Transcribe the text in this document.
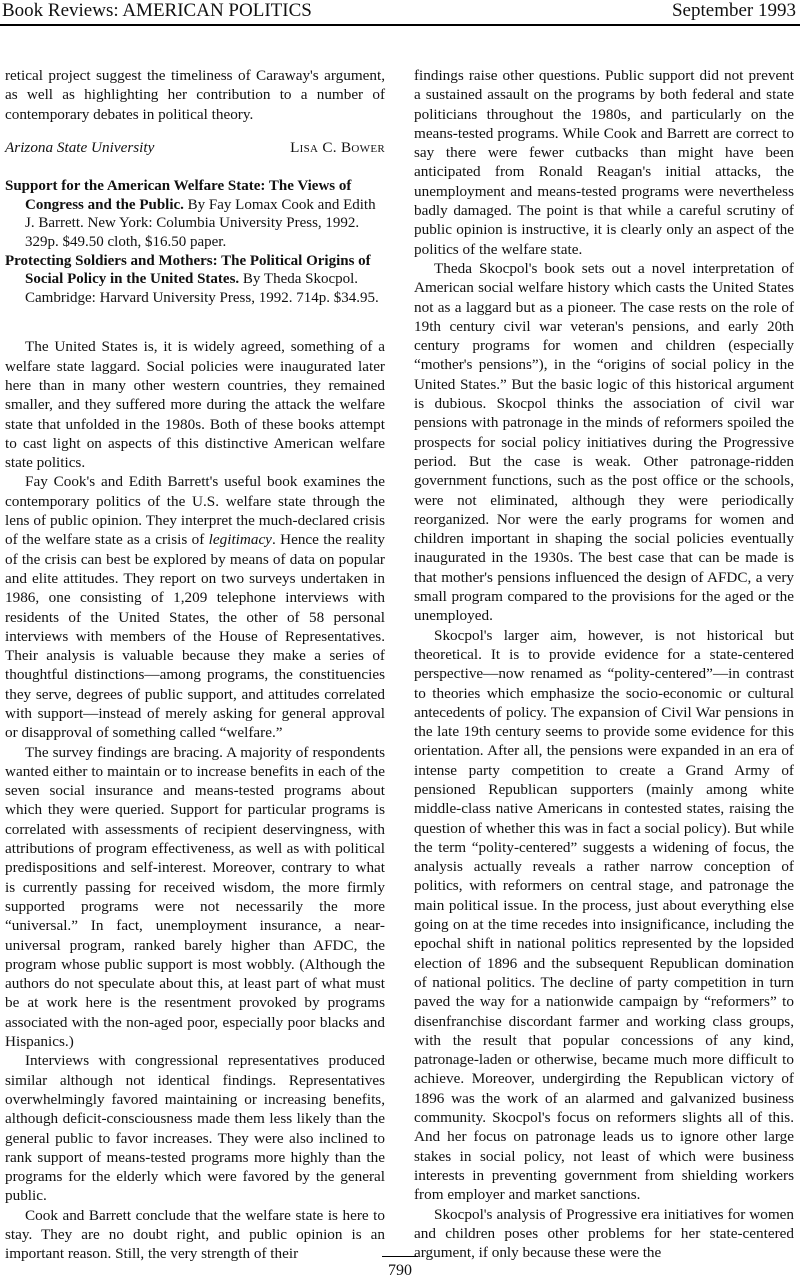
Book Reviews: AMERICAN POLITICS	September 1993

retical project suggest the timeliness of Caraway's argument, as well as highlighting her contribution to a number of contemporary debates in political theory.

Arizona State University	Lisa C. Bower

Support for the American Welfare State: The Views of Congress and the Public. By Fay Lomax Cook and Edith J. Barrett. New York: Columbia University Press, 1992. 329p. $49.50 cloth, $16.50 paper.

Protecting Soldiers and Mothers: The Political Origins of Social Policy in the United States. By Theda Skocpol. Cambridge: Harvard University Press, 1992. 714p. $34.95.

The United States is, it is widely agreed, something of a welfare state laggard. Social policies were inaugurated later here than in many other western countries, they remained smaller, and they suffered more during the attack the welfare state that unfolded in the 1980s. Both of these books attempt to cast light on aspects of this distinctive American welfare state politics.

Fay Cook's and Edith Barrett's useful book examines the contemporary politics of the U.S. welfare state through the lens of public opinion. They interpret the much-declared crisis of the welfare state as a crisis of legitimacy. Hence the reality of the crisis can best be explored by means of data on popular and elite attitudes. They report on two surveys undertaken in 1986, one consisting of 1,209 telephone interviews with residents of the United States, the other of 58 personal interviews with members of the House of Representatives. Their analysis is valuable because they make a series of thoughtful distinctions—among programs, the constituencies they serve, degrees of public support, and attitudes correlated with support—instead of merely asking for general approval or disapproval of something called “welfare.”

The survey findings are bracing. A majority of respondents wanted either to maintain or to increase benefits in each of the seven social insurance and means-tested programs about which they were queried. Support for particular programs is correlated with assessments of recipient deservingness, with attributions of program effectiveness, as well as with political predispositions and self-interest. Moreover, contrary to what is currently passing for received wisdom, the more firmly supported programs were not necessarily the more “universal.” In fact, unemployment insurance, a near-universal program, ranked barely higher than AFDC, the program whose public support is most wobbly. (Although the authors do not speculate about this, at least part of what must be at work here is the resentment provoked by programs associated with the non-aged poor, especially poor blacks and Hispanics.)

Interviews with congressional representatives produced similar although not identical findings. Representatives overwhelmingly favored maintaining or increasing benefits, although deficit-consciousness made them less likely than the general public to favor increases. They were also inclined to rank support of means-tested programs more highly than the programs for the elderly which were favored by the general public.

Cook and Barrett conclude that the welfare state is here to stay. They are no doubt right, and public opinion is an important reason. Still, the very strength of their

findings raise other questions. Public support did not prevent a sustained assault on the programs by both federal and state politicians throughout the 1980s, and particularly on the means-tested programs. While Cook and Barrett are correct to say there were fewer cutbacks than might have been anticipated from Ronald Reagan's initial attacks, the unemployment and means-tested programs were nevertheless badly damaged. The point is that while a careful scrutiny of public opinion is instructive, it is clearly only an aspect of the politics of the welfare state.

Theda Skocpol's book sets out a novel interpretation of American social welfare history which casts the United States not as a laggard but as a pioneer. The case rests on the role of 19th century civil war veteran's pensions, and early 20th century programs for women and children (especially “mother's pensions”), in the “origins of social policy in the United States.” But the basic logic of this historical argument is dubious. Skocpol thinks the association of civil war pensions with patronage in the minds of reformers spoiled the prospects for social policy initiatives during the Progressive period. But the case is weak. Other patronage-ridden government functions, such as the post office or the schools, were not eliminated, although they were periodically reorganized. Nor were the early programs for women and children important in shaping the social policies eventually inaugurated in the 1930s. The best case that can be made is that mother's pensions influenced the design of AFDC, a very small program compared to the provisions for the aged or the unemployed.

Skocpol's larger aim, however, is not historical but theoretical. It is to provide evidence for a state-centered perspective—now renamed as “polity-centered”—in contrast to theories which emphasize the socio-economic or cultural antecedents of policy. The expansion of Civil War pensions in the late 19th century seems to provide some evidence for this orientation. After all, the pensions were expanded in an era of intense party competition to create a Grand Army of pensioned Republican supporters (mainly among white middle-class native Americans in contested states, raising the question of whether this was in fact a social policy). But while the term “polity-centered” suggests a widening of focus, the analysis actually reveals a rather narrow conception of politics, with reformers on central stage, and patronage the main political issue. In the process, just about everything else going on at the time recedes into insignificance, including the epochal shift in national politics represented by the lopsided election of 1896 and the subsequent Republican domination of national politics. The decline of party competition in turn paved the way for a nationwide campaign by “reformers” to disenfranchise discordant farmer and working class groups, with the result that popular concessions of any kind, patronage-laden or otherwise, became much more difficult to achieve. Moreover, undergirding the Republican victory of 1896 was the work of an alarmed and galvanized business community. Skocpol's focus on reformers slights all of this. And her focus on patronage leads us to ignore other large stakes in social policy, not least of which were business interests in preventing government from shielding workers from employer and market sanctions.

Skocpol's analysis of Progressive era initiatives for women and children poses other problems for her state-centered argument, if only because these were the

790
